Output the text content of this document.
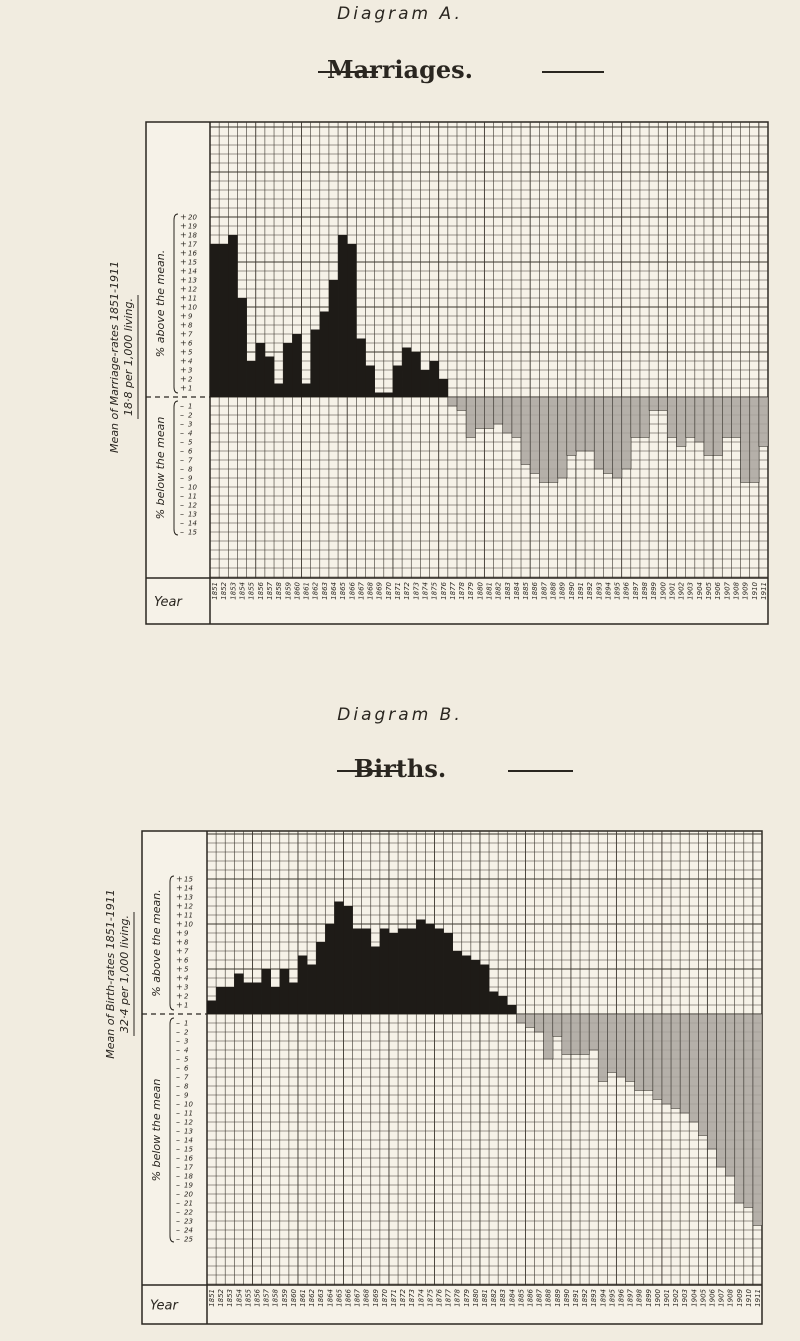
Diagram A.
Marriages.
+ 1
+ 2
+ 3
+ 4
+ 5
+ 6
+ 7
+ 8
+ 9
+ 10
+ 11
+ 12
+ 13
+ 14
+ 15
+ 16
+ 17
+ 18
+ 19
+ 20
– 1
– 2
– 3
– 4
– 5
– 6
– 7
– 8
– 9
– 10
– 11
– 12
– 13
– 14
– 15
% above the mean.
% below the mean
Mean of Marriage-rates 1851-1911 18·8 per 1,000 living.
Year
1851 1852 1853 1854 1855 1856 1857 1858 1859 1860 1861 1862 1863 1864 1865 1866 1867 1868 1869 1870 1871 1872 1873 1874 1875 1876 1877 1878 1879 1880 1881 1882 1883 1884 1885 1886 1887 1888 1889 1890 1891 1892 1893 1894 1895 1896 1897 1898 1899 1900 1901 1902 1903 1904 1905 1906 1907 1908 1909 1910 1911
Diagram B.
Births.
+ 1
+ 2
+ 3
+ 4
+ 5
+ 6
+ 7
+ 8
+ 9
+ 10
+ 11
+ 12
+ 13
+ 14
+ 15
– 1
– 2
– 3
– 4
– 5
– 6
– 7
– 8
– 9
– 10
– 11
– 12
– 13
– 14
– 15
– 16
– 17
– 18
– 19
– 20
– 21
– 22
– 23
– 24
– 25
% above the mean.
% below the mean
Mean of Birth-rates 1851-1911 32·4 per 1,000 living.
Year	1851 1852 1853 1854 1855 1856 1857 1858 1859 1860 1861 1862 1863 1864 1865 1866 1867 1868 1869 1870 1871 1872 1873 1874 1875 1876 1877 1878 1879 1880 1881 1882 1883 1884 1885 1886 1887 1888 1889 1890 1891 1892 1893 1894 1895 1896 1897 1898 1899 1900 1901 1902 1903 1904 1905 1906 1907 1908 1909 1910 1911
